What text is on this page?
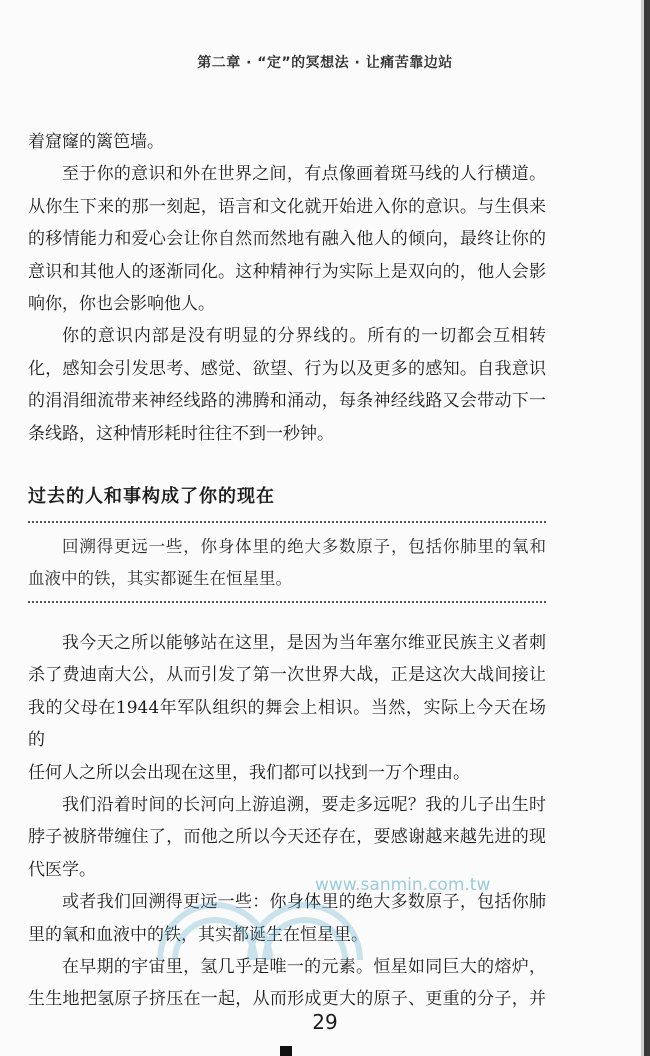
第二章 · “定”的冥想法 · 让痛苦靠边站
着窟窿的篱笆墙。
至于你的意识和外在世界之间，有点像画着斑马线的人行横道。
从你生下来的那一刻起，语言和文化就开始进入你的意识。与生俱来
的移情能力和爱心会让你自然而然地有融入他人的倾向，最终让你的
意识和其他人的逐渐同化。这种精神行为实际上是双向的，他人会影
响你，你也会影响他人。
你的意识内部是没有明显的分界线的。所有的一切都会互相转
化，感知会引发思考、感觉、欲望、行为以及更多的感知。自我意识
的涓涓细流带来神经线路的沸腾和涌动，每条神经线路又会带动下一
条线路，这种情形耗时往往不到一秒钟。
过去的人和事构成了你的现在
回溯得更远一些，你身体里的绝大多数原子，包括你肺里的氧和
血液中的铁，其实都诞生在恒星里。
我今天之所以能够站在这里，是因为当年塞尔维亚民族主义者刺
杀了费迪南大公，从而引发了第一次世界大战，正是这次大战间接让
我的父母在1944年军队组织的舞会上相识。当然，实际上今天在场的
任何人之所以会出现在这里，我们都可以找到一万个理由。
我们沿着时间的长河向上游追溯，要走多远呢？我的儿子出生时
脖子被脐带缠住了，而他之所以今天还存在，要感谢越来越先进的现
代医学。
或者我们回溯得更远一些：你身体里的绝大多数原子，包括你肺
里的氧和血液中的铁，其实都诞生在恒星里。
在早期的宇宙里，氢几乎是唯一的元素。恒星如同巨大的熔炉，
生生地把氢原子挤压在一起，从而形成更大的原子、更重的分子，并
www.sanmin.com.tw
29
